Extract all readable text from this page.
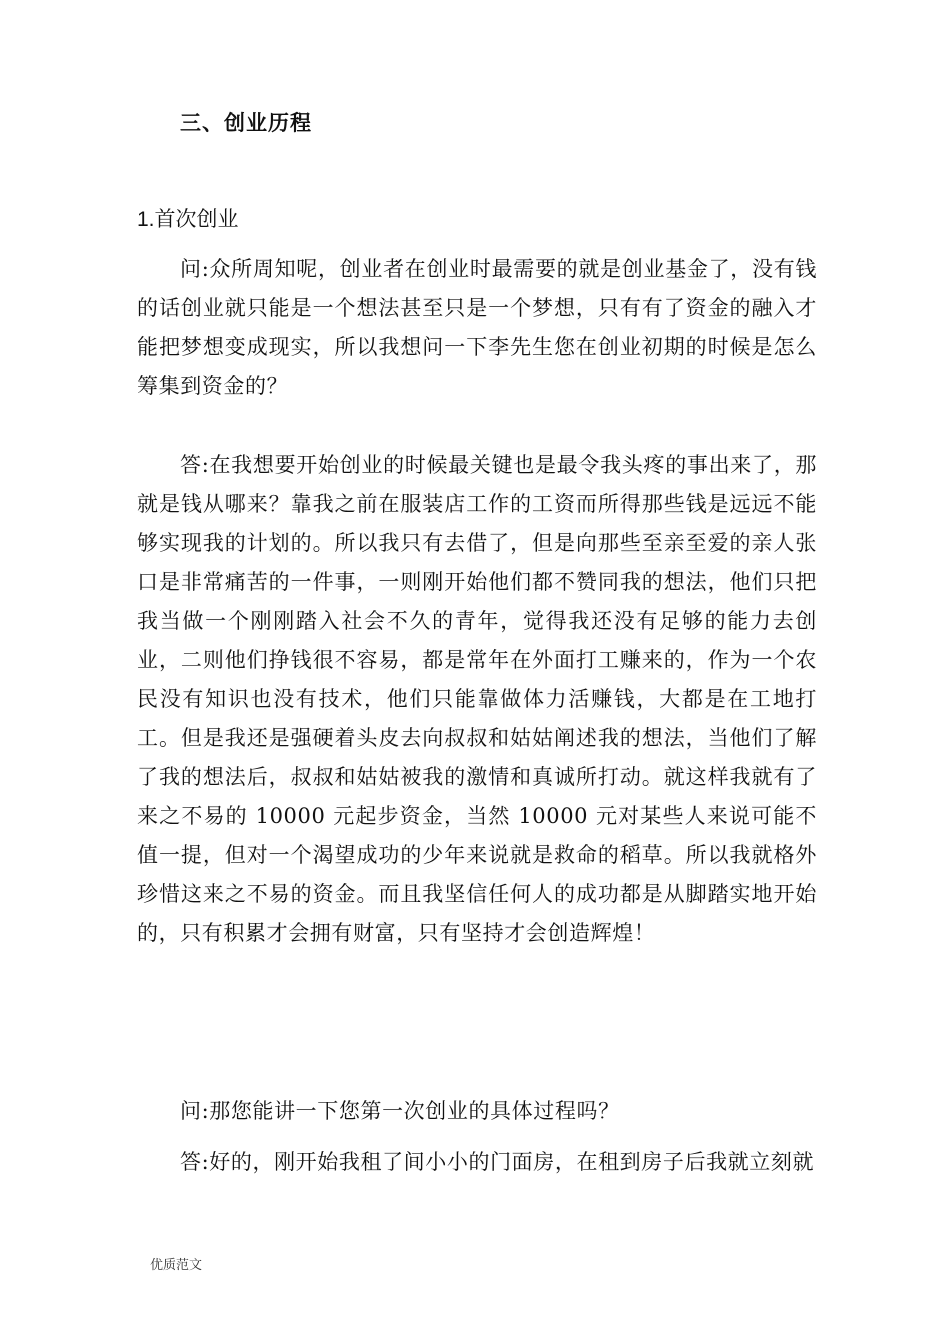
三、创业历程
1.首次创业

问:众所周知呢，创业者在创业时最需要的就是创业基金了，没有钱的话创业就只能是一个想法甚至只是一个梦想，只有有了资金的融入才能把梦想变成现实，所以我想问一下李先生您在创业初期的时候是怎么筹集到资金的？

答:在我想要开始创业的时候最关键也是最令我头疼的事出来了，那就是钱从哪来？靠我之前在服装店工作的工资而所得那些钱是远远不能够实现我的计划的。所以我只有去借了，但是向那些至亲至爱的亲人张口是非常痛苦的一件事，一则刚开始他们都不赞同我的想法，他们只把我当做一个刚刚踏入社会不久的青年，觉得我还没有足够的能力去创业，二则他们挣钱很不容易，都是常年在外面打工赚来的，作为一个农民没有知识也没有技术，他们只能靠做体力活赚钱，大都是在工地打工。但是我还是强硬着头皮去向叔叔和姑姑阐述我的想法，当他们了解了我的想法后，叔叔和姑姑被我的激情和真诚所打动。就这样我就有了来之不易的 10000 元起步资金，当然 10000 元对某些人来说可能不值一提，但对一个渴望成功的少年来说就是救命的稻草。所以我就格外珍惜这来之不易的资金。而且我坚信任何人的成功都是从脚踏实地开始的，只有积累才会拥有财富，只有坚持才会创造辉煌！

问:那您能讲一下您第一次创业的具体过程吗？

答:好的，刚开始我租了间小小的门面房，在租到房子后我就立刻就

优质范文
